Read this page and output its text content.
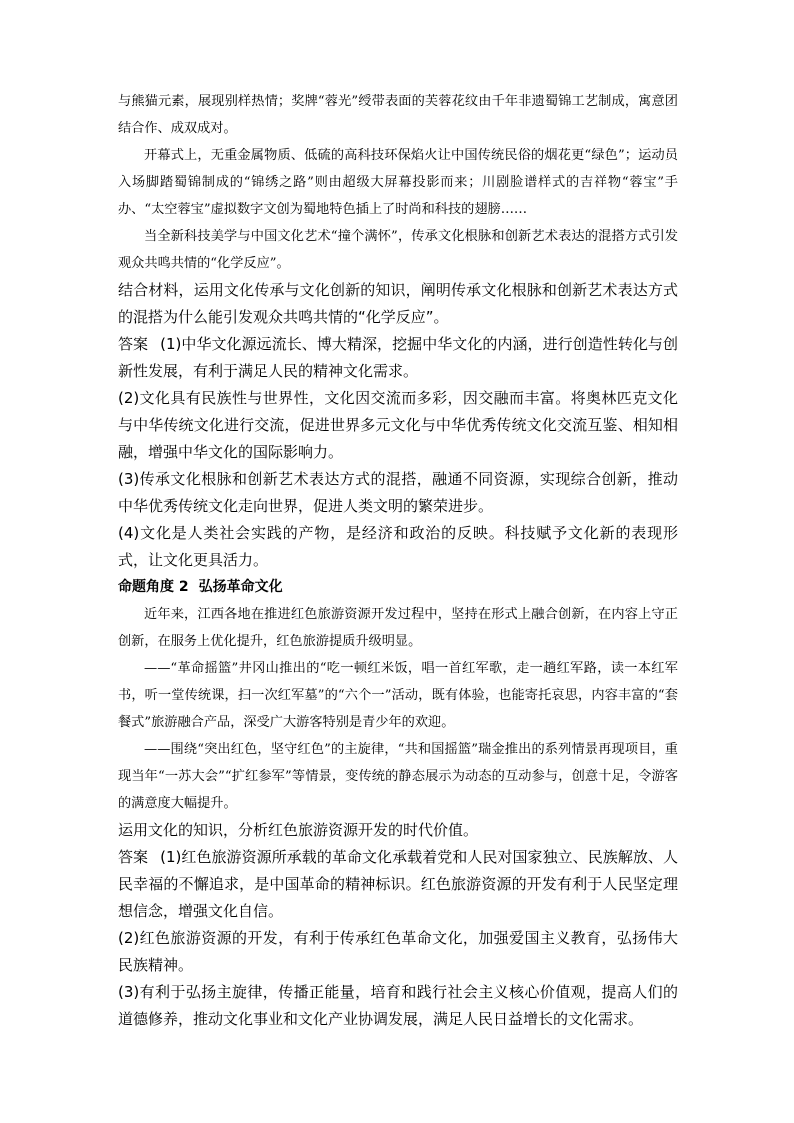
与熊猫元素，展现别样热情；奖牌“蓉光”绶带表面的芙蓉花纹由千年非遗蜀锦工艺制成，寓意团结合作、成双成对。

开幕式上，无重金属物质、低硫的高科技环保焰火让中国传统民俗的烟花更“绿色”；运动员入场脚踏蜀锦制成的“锦绣之路”则由超级大屏幕投影而来；川剧脸谱样式的吉祥物“蓉宝”手办、“太空蓉宝”虚拟数字文创为蜀地特色插上了时尚和科技的翅膀……

当全新科技美学与中国文化艺术“撞个满怀”，传承文化根脉和创新艺术表达的混搭方式引发观众共鸣共情的“化学反应”。

结合材料，运用文化传承与文化创新的知识，阐明传承文化根脉和创新艺术表达方式的混搭为什么能引发观众共鸣共情的“化学反应”。

答案 (1)中华文化源远流长、博大精深，挖掘中华文化的内涵，进行创造性转化与创新性发展，有利于满足人民的精神文化需求。

(2)文化具有民族性与世界性，文化因交流而多彩，因交融而丰富。将奥林匹克文化与中华传统文化进行交流，促进世界多元文化与中华优秀传统文化交流互鉴、相知相融，增强中华文化的国际影响力。

(3)传承文化根脉和创新艺术表达方式的混搭，融通不同资源，实现综合创新，推动中华优秀传统文化走向世界，促进人类文明的繁荣进步。

(4)文化是人类社会实践的产物，是经济和政治的反映。科技赋予文化新的表现形式，让文化更具活力。

命题角度 2 弘扬革命文化

近年来，江西各地在推进红色旅游资源开发过程中，坚持在形式上融合创新，在内容上守正创新，在服务上优化提升，红色旅游提质升级明显。

——“革命摇篮”井冈山推出的“吃一顿红米饭，唱一首红军歌，走一趟红军路，读一本红军书，听一堂传统课，扫一次红军墓”的“六个一”活动，既有体验，也能寄托哀思，内容丰富的“套餐式”旅游融合产品，深受广大游客特别是青少年的欢迎。

——围绕“突出红色，坚守红色”的主旋律，“共和国摇篮”瑞金推出的系列情景再现项目，重现当年“一苏大会”“扩红参军”等情景，变传统的静态展示为动态的互动参与，创意十足，令游客的满意度大幅提升。

运用文化的知识，分析红色旅游资源开发的时代价值。

答案 (1)红色旅游资源所承载的革命文化承载着党和人民对国家独立、民族解放、人民幸福的不懈追求，是中国革命的精神标识。红色旅游资源的开发有利于人民坚定理想信念，增强文化自信。

(2)红色旅游资源的开发，有利于传承红色革命文化，加强爱国主义教育，弘扬伟大民族精神。

(3)有利于弘扬主旋律，传播正能量，培育和践行社会主义核心价值观，提高人们的道德修养，推动文化事业和文化产业协调发展，满足人民日益增长的文化需求。
